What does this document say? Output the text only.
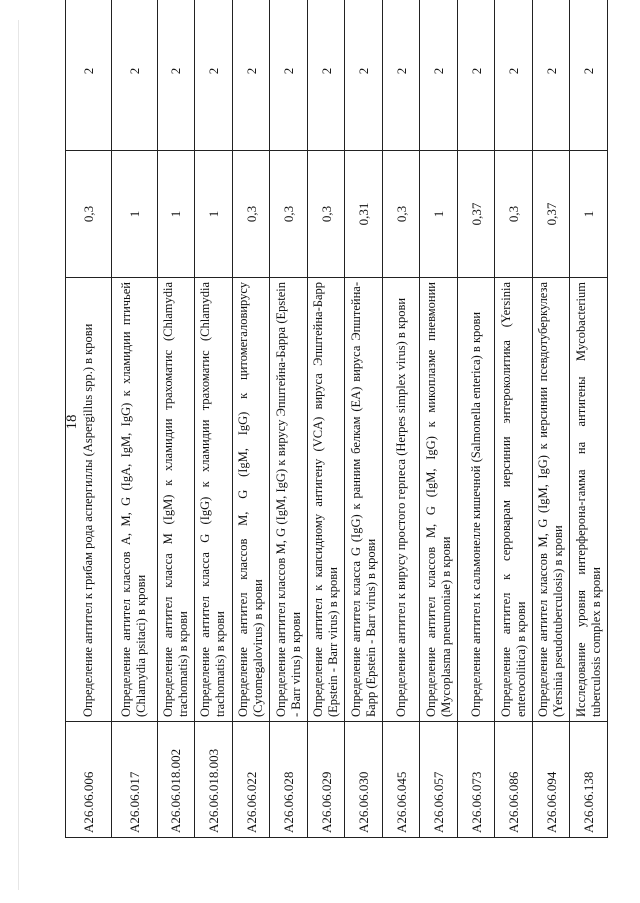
18
A26.06.006	Определение антител к грибам рода аспергиллы (Aspergillus spp.) в крови	0,3	2
A26.06.017	Определение антител классов A, M, G (IgA, IgM, IgG) к хламидии птичьей (Chlamydia psitaci) в крови	1	2
A26.06.018.002	Определение антител класса M (IgM) к хламидии трахоматис (Chlamydia trachomatis) в крови	1	2
A26.06.018.003	Определение антител класса G (IgG) к хламидии трахоматис (Chlamydia trachomatis) в крови	1	2
A26.06.022	Определение антител классов M, G (IgM, IgG) к цитомегаловирусу (Cytomegalovirus) в крови	0,3	2
A26.06.028	Определение антител классов M, G (IgM, IgG) к вирусу Эпштейна-Барра (Epstein - Barr virus) в крови	0,3	2
A26.06.029	Определение антител к капсидному антигену (VCA) вируса Эпштейна-Барр (Epstein - Barr virus) в крови	0,3	2
A26.06.030	Определение антител класса G (IgG) к ранним белкам (EA) вируса Эпштейна-Барр (Epstein - Barr virus) в крови	0,31	2
A26.06.045	Определение антител к вирусу простого герпеса (Herpes simplex virus) в крови	0,3	2
A26.06.057	Определение антител классов M, G (IgM, IgG) к микоплазме пневмонии (Mycoplasma pneumoniae) в крови	1	2
A26.06.073	Определение антител к сальмонелле кишечной (Salmonella enterica) в крови	0,37	2
A26.06.086	Определение антител к серроварам иерсинии энтероколитика (Yersinia enterocolitica) в крови	0,3	2
A26.06.094	Определение антител классов M, G (IgM, IgG) к иерсинии псевдотуберкулеза (Yersinia pseudotuberculosis) в крови	0,37	2
A26.06.138	Исследование уровня интерферона-гамма на антигены Mycobacterium tuberculosis complex в крови	1	2
